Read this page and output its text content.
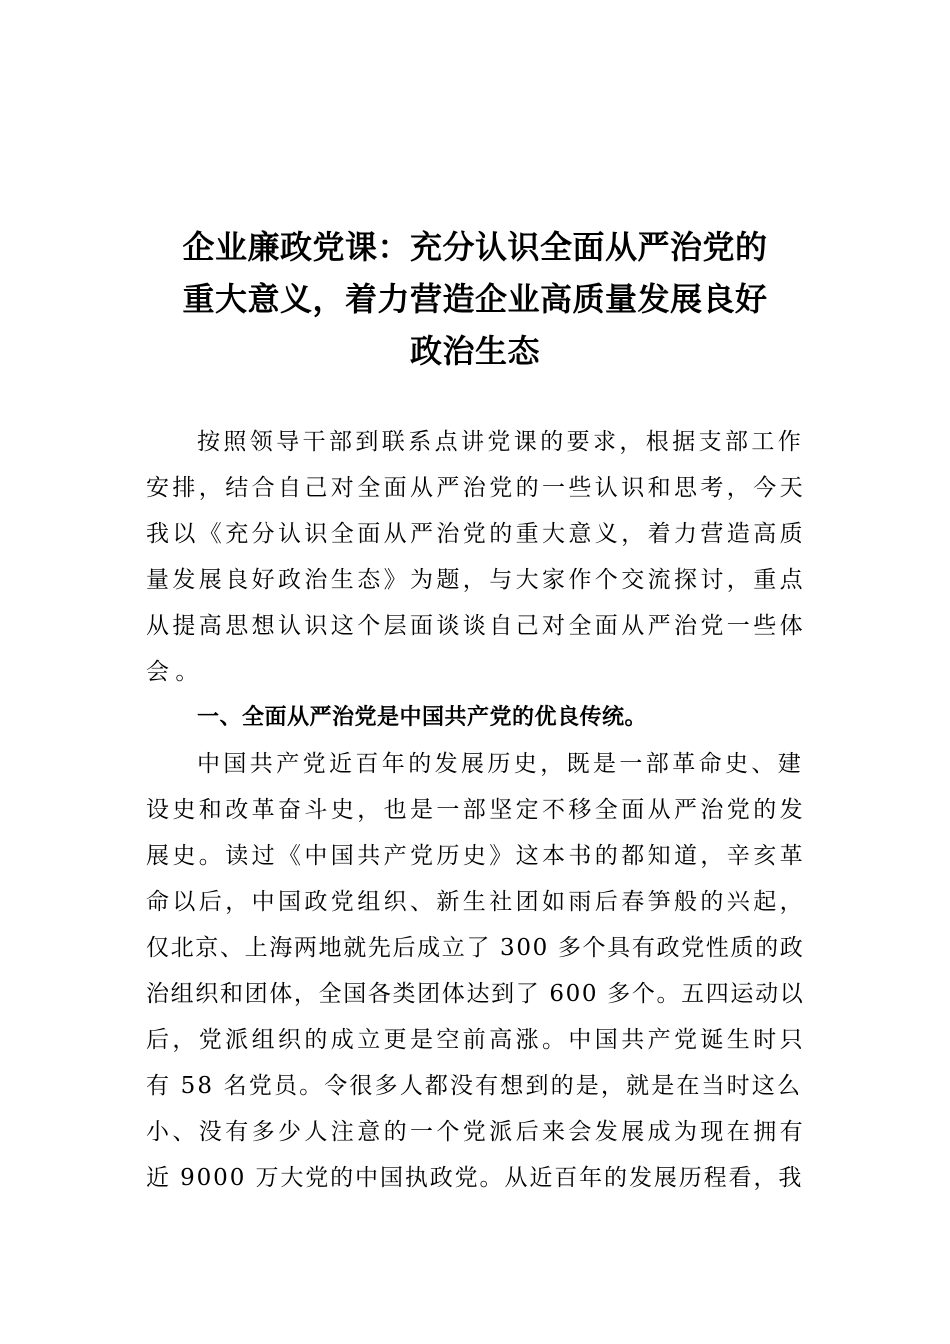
企业廉政党课：充分认识全面从严治党的
重大意义，着力营造企业高质量发展良好
政治生态
按照领导干部到联系点讲党课的要求，根据支部工作
安排，结合自己对全面从严治党的一些认识和思考，今天
我以《充分认识全面从严治党的重大意义，着力营造高质
量发展良好政治生态》为题，与大家作个交流探讨，重点
从提高思想认识这个层面谈谈自己对全面从严治党一些体
会。
一、全面从严治党是中国共产党的优良传统。
中国共产党近百年的发展历史，既是一部革命史、建
设史和改革奋斗史，也是一部坚定不移全面从严治党的发
展史。读过《中国共产党历史》这本书的都知道，辛亥革
命以后，中国政党组织、新生社团如雨后春笋般的兴起，
仅北京、上海两地就先后成立了 300 多个具有政党性质的政
治组织和团体，全国各类团体达到了 600 多个。五四运动以
后，党派组织的成立更是空前高涨。中国共产党诞生时只
有 58 名党员。令很多人都没有想到的是，就是在当时这么
小、没有多少人注意的一个党派后来会发展成为现在拥有
近 9000 万大党的中国执政党。从近百年的发展历程看，我
